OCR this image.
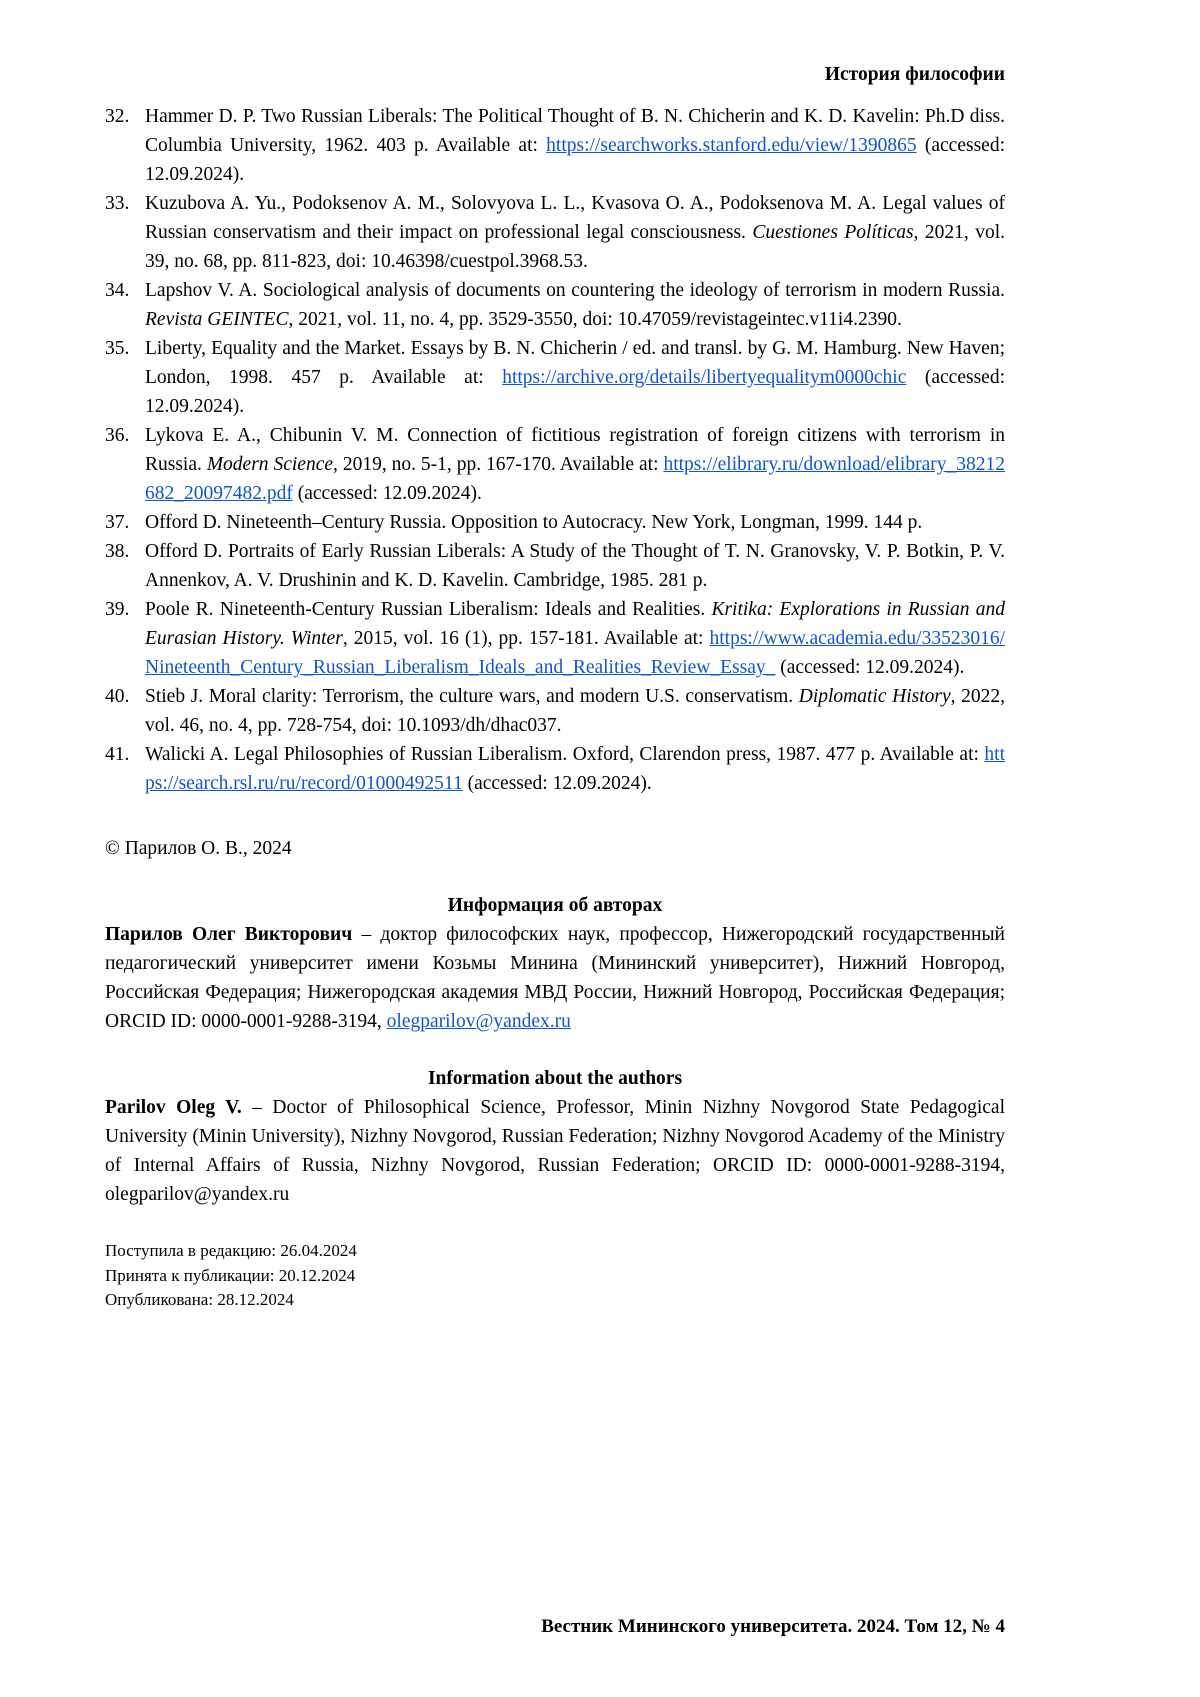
История философии
32. Hammer D. P. Two Russian Liberals: The Political Thought of B. N. Chicherin and K. D. Kavelin: Ph.D diss. Columbia University, 1962. 403 p. Available at: https://searchworks.stanford.edu/view/1390865 (accessed: 12.09.2024).
33. Kuzubova A. Yu., Podoksenov A. M., Solovyova L. L., Kvasova O. A., Podoksenova M. A. Legal values of Russian conservatism and their impact on professional legal consciousness. Cuestiones Políticas, 2021, vol. 39, no. 68, pp. 811-823, doi: 10.46398/cuestpol.3968.53.
34. Lapshov V. A. Sociological analysis of documents on countering the ideology of terrorism in modern Russia. Revista GEINTEC, 2021, vol. 11, no. 4, pp. 3529-3550, doi: 10.47059/revistageintec.v11i4.2390.
35. Liberty, Equality and the Market. Essays by B. N. Chicherin / ed. and transl. by G. M. Hamburg. New Haven; London, 1998. 457 p. Available at: https://archive.org/details/libertyequalitym0000chic (accessed: 12.09.2024).
36. Lykova E. A., Chibunin V. M. Connection of fictitious registration of foreign citizens with terrorism in Russia. Modern Science, 2019, no. 5-1, pp. 167-170. Available at: https://elibrary.ru/download/elibrary_38212682_20097482.pdf (accessed: 12.09.2024).
37. Offord D. Nineteenth–Century Russia. Opposition to Autocracy. New York, Longman, 1999. 144 p.
38. Offord D. Portraits of Early Russian Liberals: A Study of the Thought of T. N. Granovsky, V. P. Botkin, P. V. Annenkov, A. V. Drushinin and K. D. Kavelin. Cambridge, 1985. 281 p.
39. Poole R. Nineteenth-Century Russian Liberalism: Ideals and Realities. Kritika: Explorations in Russian and Eurasian History. Winter, 2015, vol. 16 (1), pp. 157-181. Available at: https://www.academia.edu/33523016/Nineteenth_Century_Russian_Liberalism_Ideals_and_Realities_Review_Essay_ (accessed: 12.09.2024).
40. Stieb J. Moral clarity: Terrorism, the culture wars, and modern U.S. conservatism. Diplomatic History, 2022, vol. 46, no. 4, pp. 728-754, doi: 10.1093/dh/dhac037.
41. Walicki A. Legal Philosophies of Russian Liberalism. Oxford, Clarendon press, 1987. 477 p. Available at: https://search.rsl.ru/ru/record/01000492511 (accessed: 12.09.2024).
© Парилов О. В., 2024
Информация об авторах

Парилов Олег Викторович – доктор философских наук, профессор, Нижегородский государственный педагогический университет имени Козьмы Минина (Мининский университет), Нижний Новгород, Российская Федерация; Нижегородская академия МВД России, Нижний Новгород, Российская Федерация; ORCID ID: 0000-0001-9288-3194, olegparilov@yandex.ru

Information about the authors

Parilov Oleg V. – Doctor of Philosophical Science, Professor, Minin Nizhny Novgorod State Pedagogical University (Minin University), Nizhny Novgorod, Russian Federation; Nizhny Novgorod Academy of the Ministry of Internal Affairs of Russia, Nizhny Novgorod, Russian Federation; ORCID ID: 0000-0001-9288-3194, olegparilov@yandex.ru

Поступила в редакцию: 26.04.2024
Принята к публикации: 20.12.2024
Опубликована: 28.12.2024
Вестник Мининского университета. 2024. Том 12, № 4
